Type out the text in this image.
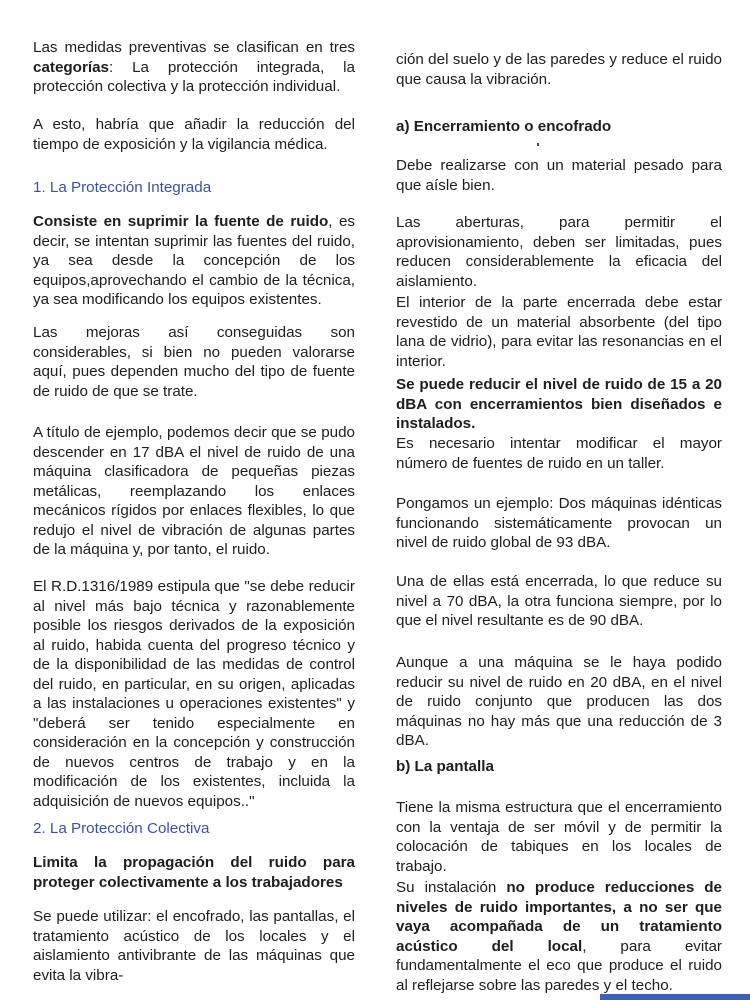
Las medidas preventivas se clasifican en tres categorías: La protección integrada, la protección colectiva y la protección individual.

A esto, habría que añadir la reducción del tiempo de exposición y la vigilancia médica.

1. La Protección Integrada

Consiste en suprimir la fuente de ruido, es decir, se intentan suprimir las fuentes del ruido, ya sea desde la concepción de los equipos,aprovechando el cambio de la técnica, ya sea modificando los equipos existentes.

Las mejoras así conseguidas son considerables, si bien no pueden valorarse aquí, pues dependen mucho del tipo de fuente de ruido de que se trate.

A título de ejemplo, podemos decir que se pudo descender en 17 dBA el nivel de ruido de una máquina clasificadora de pequeñas piezas metálicas, reemplazando los enlaces mecánicos rígidos por enlaces flexibles, lo que redujo el nivel de vibración de algunas partes de la máquina y, por tanto, el ruido.

El R.D.1316/1989 estipula que "se debe reducir al nivel más bajo técnica y razonablemente posible los riesgos derivados de la exposición al ruido, habida cuenta del progreso técnico y de la disponibilidad de las medidas de control del ruido, en particular, en su origen, aplicadas a las instalaciones u operaciones existentes" y "deberá ser tenido especialmente en consideración en la concepción y construcción de nuevos centros de trabajo y en la modificación de los existentes, incluida la adquisición de nuevos equipos.."

2. La Protección Colectiva

Limita la propagación del ruido para proteger colectivamente a los trabajadores

Se puede utilizar: el encofrado, las pantallas, el tratamiento acústico de los locales y el aislamiento antivibrante de las máquinas que evita la vibra-

ción del suelo y de las paredes y reduce el ruido que causa la vibración.

a) Encerramiento o encofrado

Debe realizarse con un material pesado para que aísle bien.

Las aberturas, para permitir el aprovisionamiento, deben ser limitadas, pues reducen considerablemente la eficacia del aislamiento.

El interior de la parte encerrada debe estar revestido de un material absorbente (del tipo lana de vidrio), para evitar las resonancias en el interior.

Se puede reducir el nivel de ruido de 15 a 20 dBA con encerramientos bien diseñados e instalados.

Es necesario intentar modificar el mayor número de fuentes de ruido en un taller.

Pongamos un ejemplo: Dos máquinas idénticas funcionando sistemáticamente provocan un nivel de ruido global de 93 dBA.

Una de ellas está encerrada, lo que reduce su nivel a 70 dBA, la otra funciona siempre, por lo que el nivel resultante es de 90 dBA.

Aunque a una máquina se le haya podido reducir su nivel de ruido en 20 dBA, en el nivel de ruido conjunto que producen las dos máquinas no hay más que una reducción de 3 dBA.

b) La pantalla

Tiene la misma estructura que el encerramiento con la ventaja de ser móvil y de permitir la colocación de tabiques en los locales de trabajo.

Su instalación no produce reducciones de niveles de ruido importantes, a no ser que vaya acompañada de un tratamiento acústico del local, para evitar fundamentalmente el eco que produce el ruido al reflejarse sobre las paredes y el techo.
